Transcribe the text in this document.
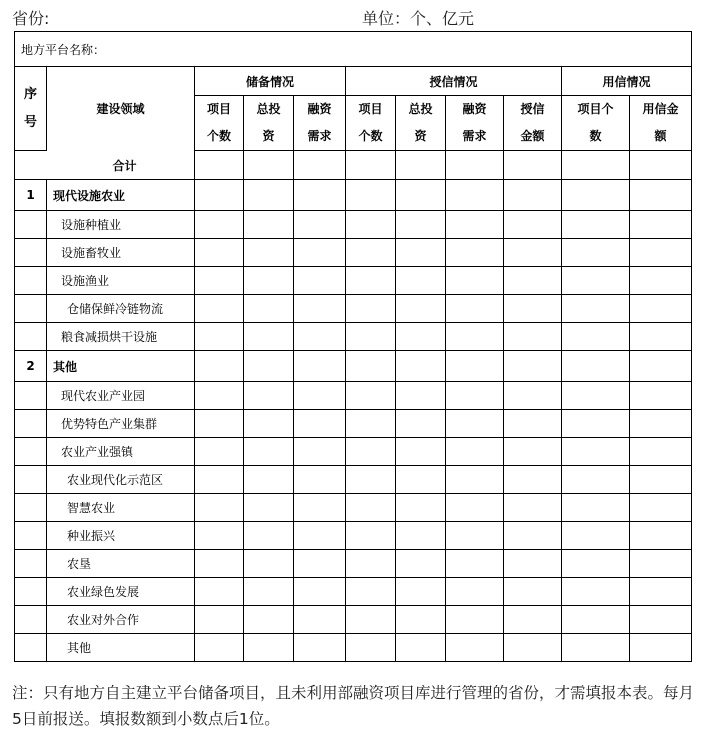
省份:	单位：个、亿元
地方平台名称：										
序号	建设领域	储备情况			授信情况				用信情况	
		项目个数	总投资	融资需求	项目个数	总投资	融资需求	授信金额	项目个数	用信金额
合计										
1	现代设施农业									
	设施种植业									
	设施畜牧业									
	设施渔业									
	仓储保鲜冷链物流									
	粮食减损烘干设施									
2	其他									
	现代农业产业园									
	优势特色产业集群									
	农业产业强镇									
	农业现代化示范区									
	智慧农业									
	种业振兴									
	农垦									
	农业绿色发展									
	农业对外合作									
	其他									
注：只有地方自主建立平台储备项目，且未利用部融资项目库进行管理的省份，才需填报本表。每月5日前报送。填报数额到小数点后1位。
